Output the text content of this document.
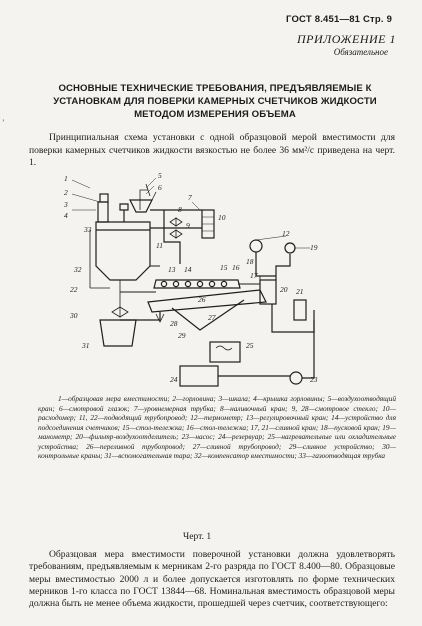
ГОСТ 8.451—81 Стр. 9
ПРИЛОЖЕНИЕ 1
Обязательное
ОСНОВНЫЕ ТЕХНИЧЕСКИЕ ТРЕБОВАНИЯ, ПРЕДЪЯВЛЯЕМЫЕ К УСТАНОВКАМ ДЛЯ ПОВЕРКИ КАМЕРНЫХ СЧЕТЧИКОВ ЖИДКОСТИ МЕТОДОМ ИЗМЕРЕНИЯ ОБЪЕМА
ʼ
Принципиальная схема установки с одной образцовой мерой вместимости для поверки камерных счетчиков жидкости вязкостью не более 36 мм²/с приведена на черт. 1.
1
2
3
4
5
6
7
8
9
10
11
12
13 14	15 16
17
18
19
20 21
22
23
24
25
26
27
28
29
30
31
32
33
1—образцовая мера вместимости; 2—горловина; 3—шкала; 4—крышка горловины; 5—воздухоотводящий кран; 6—смотровой глазок; 7—уровнемерная трубка; 8—наливочный кран; 9, 28—смотровое стекло; 10—расходомер; 11, 22—подводящий трубопровод; 12—термометр; 13—регулировочный кран; 14—устройство для подсоединения счетчиков; 15—стол-тележка; 16—стол-тележка; 17, 21—сливной кран; 18—пусковой кран; 19—манометр; 20—фильтр-воздухоотделитель; 23—насос; 24—резервуар; 25—нагревательные или охладительные устройства; 26—переливной трубопровод; 27—сливной трубопровод; 29—сливное устройство; 30—контрольные краны; 31—вспомогательная тара; 32—компенсатор вместимости; 33—газоотводящая трубка
Черт. 1
Образцовая мера вместимости поверочной установки должна удовлетворять требованиям, предъявляемым к мерникам 2-го разряда по ГОСТ 8.400—80. Образцовые меры вместимостью 2000 л и более допускается изготовлять по форме технических мерников 1-го класса по ГОСТ 13844—68. Номинальная вместимость образцовой меры должна быть не менее объема жидкости, прошедшей через счетчик, соответствующего:
